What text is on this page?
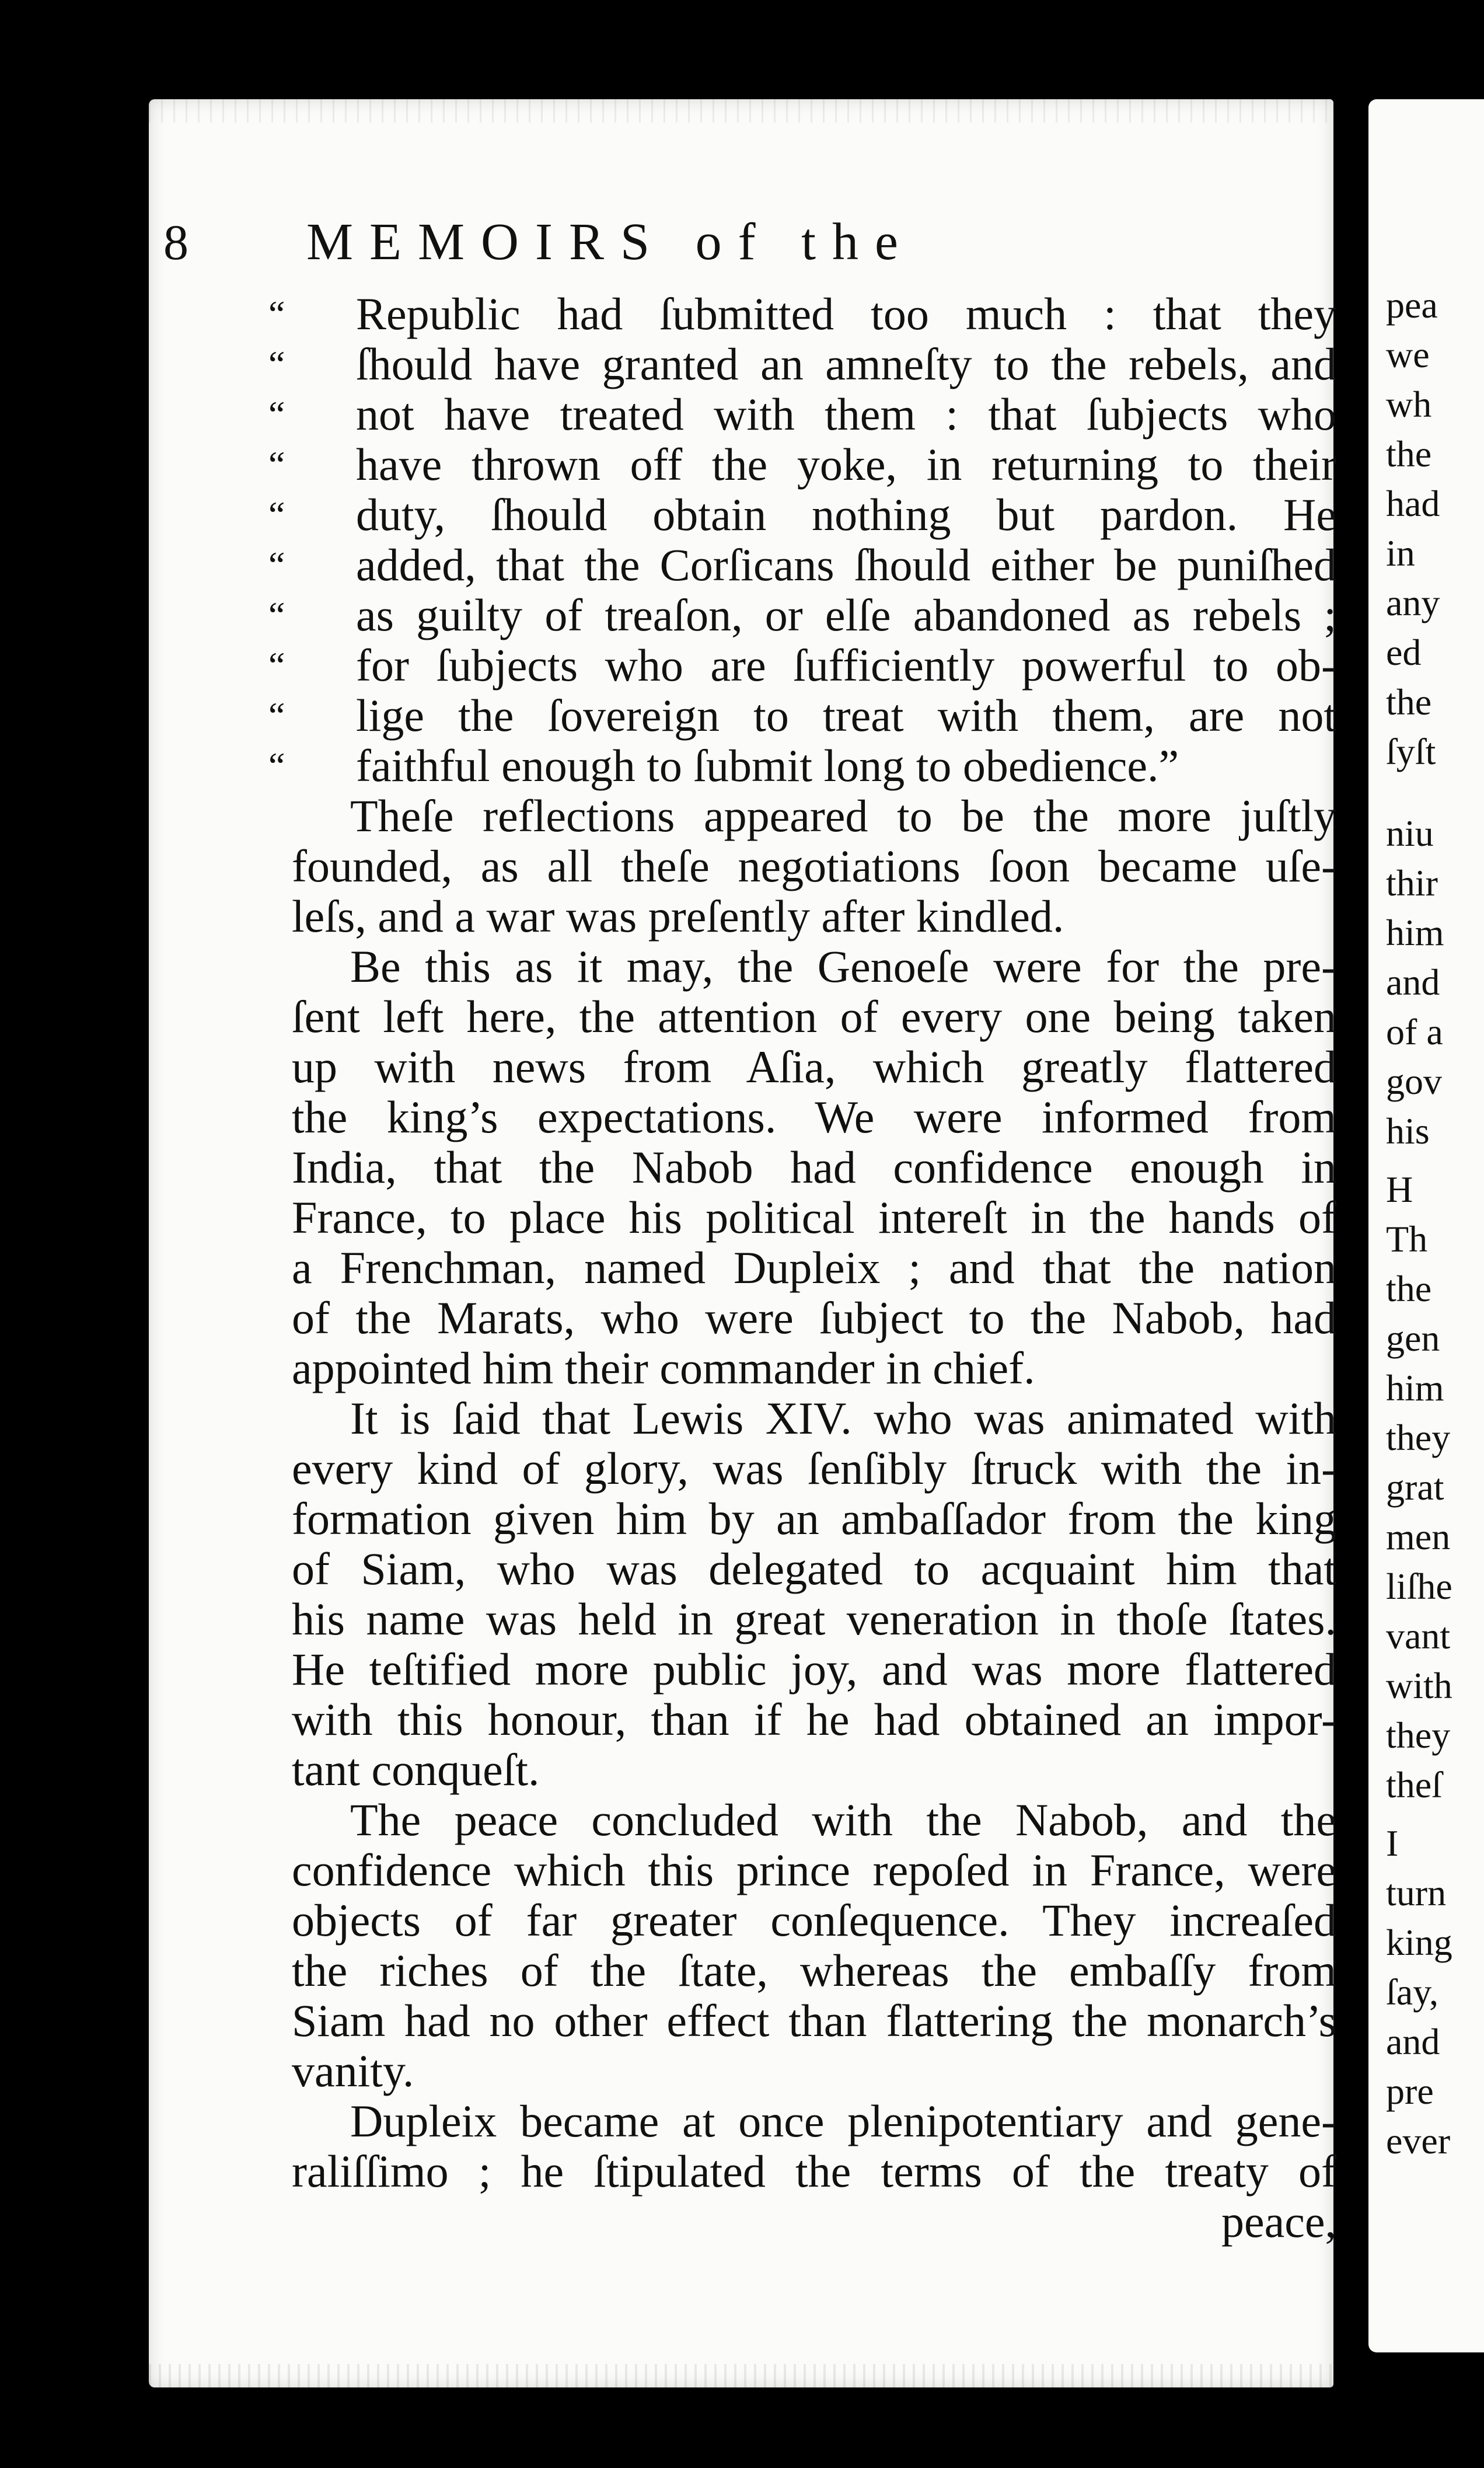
8 MEMOIRS of the
“	Republic had ſubmitted too much : that they
“	ſhould have granted an amneſty to the rebels, and
“	not have treated with them : that ſubjects who
“	have thrown off the yoke, in returning to their
“	duty, ſhould obtain nothing but pardon. He
“	added, that the Corſicans ſhould either be puniſhed
“	as guilty of treaſon, or elſe abandoned as rebels ;
“	for ſubjects who are ſufficiently powerful to ob-
“	lige the ſovereign to treat with them, are not
“	faithful enough to ſubmit long to obedience.”
Theſe reflections appeared to be the more juſtly
founded, as all theſe negotiations ſoon became uſe-
leſs, and a war was preſently after kindled.
Be this as it may, the Genoeſe were for the pre-
ſent left here, the attention of every one being taken
up with news from Aſia, which greatly flattered
the king’s expectations. We were informed from
India, that the Nabob had confidence enough in
France, to place his political intereſt in the hands of
a Frenchman, named Dupleix ; and that the nation
of the Marats, who were ſubject to the Nabob, had
appointed him their commander in chief.
It is ſaid that Lewis XIV. who was animated with
every kind of glory, was ſenſibly ſtruck with the in-
formation given him by an ambaſſador from the king
of Siam, who was delegated to acquaint him that
his name was held in great veneration in thoſe ſtates.
He teſtified more public joy, and was more flattered
with this honour, than if he had obtained an impor-
tant conqueſt.
The peace concluded with the Nabob, and the
confidence which this prince repoſed in France, were
objects of far greater conſequence. They increaſed
the riches of the ſtate, whereas the embaſſy from
Siam had no other effect than flattering the monarch’s
vanity.
Dupleix became at once plenipotentiary and gene-
raliſſimo ; he ſtipulated the terms of the treaty of
peace,
pea
we
wh
the
had
in
any
ed
the
ſyſt
niu
thir
him
and
of a
gov
his
H
Th
the
gen
him
they
grat
men
liſhe
vant
with
they
theſ
I
turn
king
ſay,
and
pre
ever
